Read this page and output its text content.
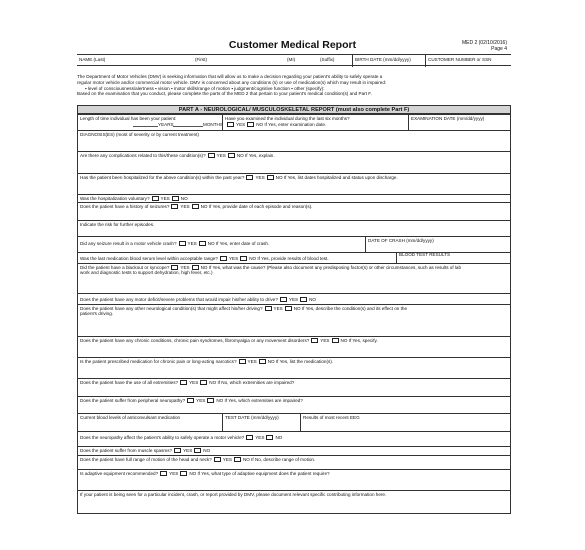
Customer Medical Report	MED 2 (02/10/2016)
Page 4
NAME (Last)	(First)	(MI)	(Suffix)	BIRTH DATE (mm/dd/yyyy)	CUSTOMER NUMBER or SSN

The Department of Motor Vehicles (DMV) is seeking information that will allow us to make a decision regarding your patient's ability to safely operate a

regular motor vehicle and/or commercial motor vehicle. DMV is concerned about any conditions (s) or use of medication(s) which may result in impaired:

▪ level of consciousness/alertness ▪ vision ▪ motor skills/range of motion ▪ judgment/cognitive function ▪ other (specify):

Based on the examination that you conduct, please complete the parts of the MED 2 that pertain to your patient's medical condition(s) and Part F.

PART A - NEUROLOGICAL/ MUSCULOSKELETAL REPORT (must also complete Part F)
Length of time individual has been your patient:
YEARS	MONTHS
Have you examined the individual during the last six months?
YES NO If Yes, enter examination date.
EXAMINATION DATE (mm/dd/yyyy)
DIAGNOSIS(ES) (most of severity or by current treatment)
Are there any complications related to this/these condition(s)? YES NO If Yes, explain.
Has the patient been hospitalized for the above condition(s) within the past year? YES NO If Yes, list dates hospitalized and status upon discharge.
Was the hospitalization voluntary? YES NO
Does the patient have a history of seizures? YES NO If Yes, provide date of each episode and reason(s).
Indicate the risk for further episodes.
Did any seizure result in a motor vehicle crash? YES NO If Yes, enter date of crash.
DATE OF CRASH (mm/dd/yyyy)
Was the last medication blood serum level within acceptable range? YES NO If Yes, provide results of blood test.
BLOOD TEST RESULTS
Did the patient have a blackout or syncope? YES NO If Yes, what was the cause? (Please also document any predisposing factor(s) or other circumstances, such as results of lab
work and diagnostic tests to support dehydration, high fever, etc.)
Does the patient have any motor deficit/severe problems that would impair his/her ability to drive? YES NO
Does the patient have any other neurological condition(s) that might affect his/her driving? YES NO If Yes, describe the condition(s) and its effect on the
patient's driving.
Does the patient have any chronic conditions, chronic pain syndromes, fibromyalgia or any movement disorders? YES NO If Yes, specify.
Is the patient prescribed medication for chronic pain or long-acting narcotics? YES NO If Yes, list the medication(s).
Does the patient have the use of all extremities? YES NO If No, which extremities are impaired?
Does the patient suffer from peripheral neuropathy? YES NO If Yes, which extremities are impaired?
Current blood levels of anticonvulsant medication	TEST DATE (mm/dd/yyyy)	Results of most recent EEG
Does the neuropathy affect the patient's ability to safely operate a motor vehicle? YES NO
Does the patient suffer from muscle spasms? YES NO
Does the patient have full range of motion of the head and neck? YES NO If No, describe range of motion.
Is adaptive equipment recommended? YES NO If Yes, what type of adaptive equipment does the patient require?
If your patient is being seen for a particular incident, crash, or report provided by DMV, please document relevant specific contributing information here.
